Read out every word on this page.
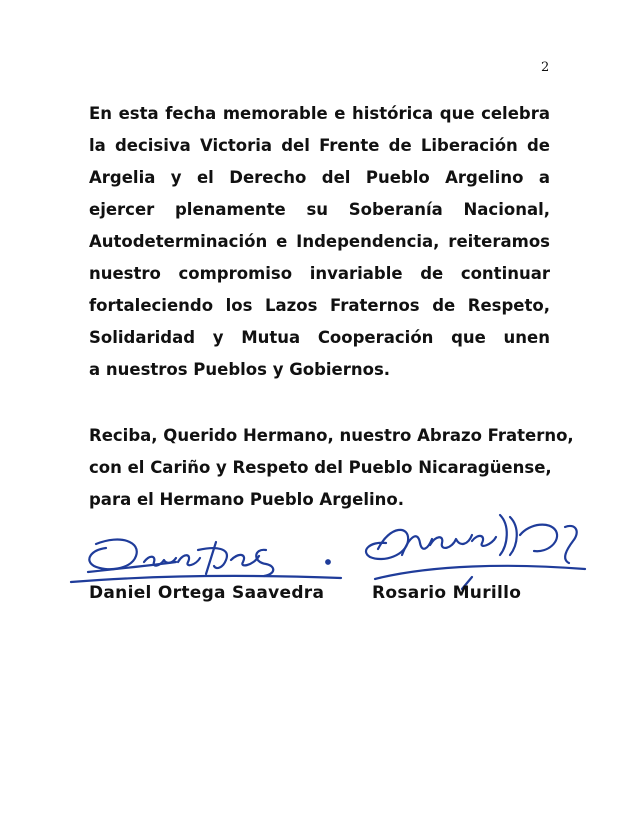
2
En esta fecha memorable e histórica que celebra
la decisiva Victoria del Frente de Liberación de
Argelia y el Derecho del Pueblo Argelino a
ejercer plenamente su Soberanía Nacional,
Autodeterminación e Independencia, reiteramos
nuestro compromiso invariable de continuar
fortaleciendo los Lazos Fraternos de Respeto,
Solidaridad y Mutua Cooperación que unen
a nuestros Pueblos y Gobiernos.
Reciba, Querido Hermano, nuestro Abrazo Fraterno,
con el Cariño y Respeto del Pueblo Nicaragüense,
para el Hermano Pueblo Argelino.
Daniel Ortega Saavedra	Rosario Murillo
